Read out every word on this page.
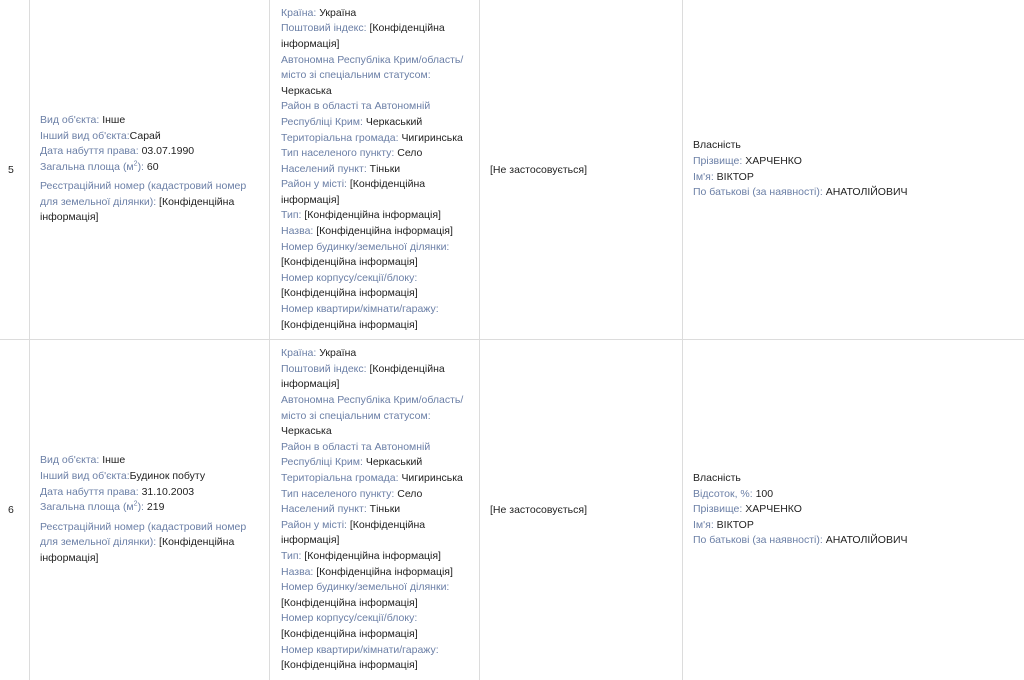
5
Вид об'єкта: Інше
Інший вид об'єкта:Сарай
Дата набуття права: 03.07.1990
Загальна площа $(м^2)$: 60
Реєстраційний номер (кадастровий номер для земельної ділянки): [Конфіденційна інформація]
Країна: Україна
Поштовий індекс: [Конфіденційна інформація]
Автономна Республіка Крим/область/місто зі спеціальним статусом: Черкаська
Район в області та Автономній Республіці Крим: Черкаський
Територіальна громада: Чигиринська
Тип населеного пункту: Село
Населений пункт: Тіньки
Район у місті: [Конфіденційна інформація]
Тип: [Конфіденційна інформація]
Назва: [Конфіденційна інформація]
Номер будинку/земельної ділянки: [Конфіденційна інформація]
Номер корпусу/секції/блоку: [Конфіденційна інформація]
Номер квартири/кімнати/гаражу: [Конфіденційна інформація]
[Не застосовується]
Власність
Прізвище: ХАРЧЕНКО
Ім'я: ВІКТОР
По батькові (за наявності): АНАТОЛІЙОВИЧ
6
Вид об'єкта: Інше
Інший вид об'єкта:Будинок побуту
Дата набуття права: 31.10.2003
Загальна площа $(м^2)$: 219
Реєстраційний номер (кадастровий номер для земельної ділянки): [Конфіденційна інформація]
Країна: Україна
Поштовий індекс: [Конфіденційна інформація]
Автономна Республіка Крим/область/місто зі спеціальним статусом: Черкаська
Район в області та Автономній Республіці Крим: Черкаський
Територіальна громада: Чигиринська
Тип населеного пункту: Село
Населений пункт: Тіньки
Район у місті: [Конфіденційна інформація]
Тип: [Конфіденційна інформація]
Назва: [Конфіденційна інформація]
Номер будинку/земельної ділянки: [Конфіденційна інформація]
Номер корпусу/секції/блоку: [Конфіденційна інформація]
Номер квартири/кімнати/гаражу: [Конфіденційна інформація]
[Не застосовується]
Власність
Відсоток, %: 100
Прізвище: ХАРЧЕНКО
Ім'я: ВІКТОР
По батькові (за наявності): АНАТОЛІЙОВИЧ
